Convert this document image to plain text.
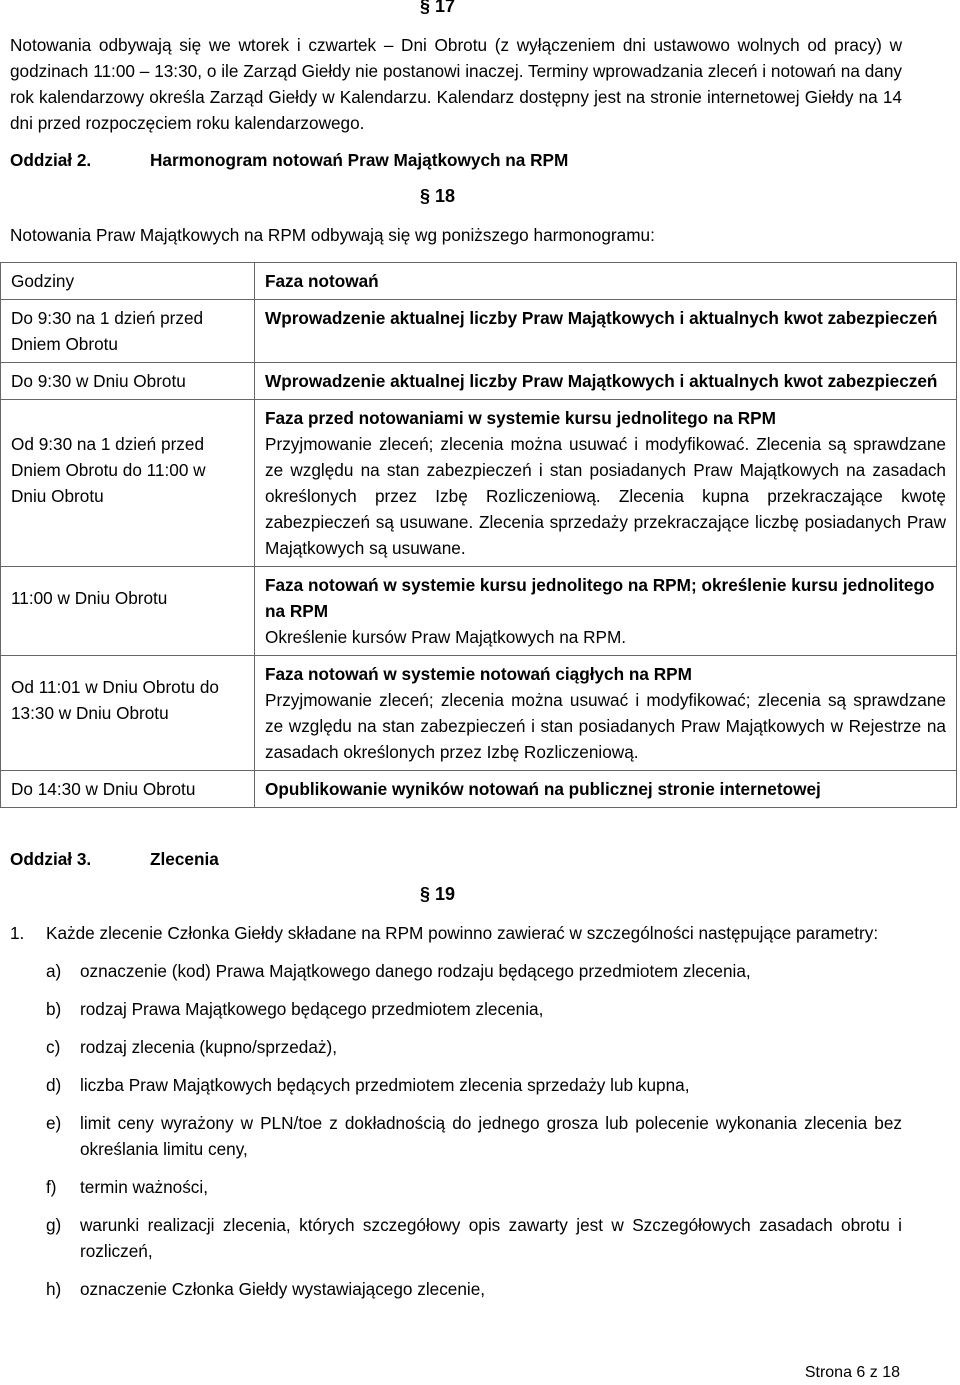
§ 17
Notowania odbywają się we wtorek i czwartek – Dni Obrotu (z wyłączeniem dni ustawowo wolnych od pracy) w godzinach 11:00 – 13:30, o ile Zarząd Giełdy nie postanowi inaczej. Terminy wprowadzania zleceń i notowań na dany rok kalendarzowy określa Zarząd Giełdy w Kalendarzu. Kalendarz dostępny jest na stronie internetowej Giełdy na 14 dni przed rozpoczęciem roku kalendarzowego.
Oddział 2.	Harmonogram notowań Praw Majątkowych na RPM
§ 18
Notowania Praw Majątkowych na RPM odbywają się wg poniższego harmonogramu:
Godziny	Faza notowań
Do 9:30 na 1 dzień przed Dniem Obrotu	Wprowadzenie aktualnej liczby Praw Majątkowych i aktualnych kwot zabezpieczeń

Do 9:30 w Dniu Obrotu	Wprowadzenie aktualnej liczby Praw Majątkowych i aktualnych kwot zabezpieczeń

Od 9:30 na 1 dzień przed Dniem Obrotu do 11:00 w Dniu Obrotu	Faza przed notowaniami w systemie kursu jednolitego na RPM
Przyjmowanie zleceń; zlecenia można usuwać i modyfikować. Zlecenia są sprawdzane ze względu na stan zabezpieczeń i stan posiadanych Praw Majątkowych na zasadach określonych przez Izbę Rozliczeniową. Zlecenia kupna przekraczające kwotę zabezpieczeń są usuwane. Zlecenia sprzedaży przekraczające liczbę posiadanych Praw Majątkowych są usuwane.

11:00 w Dniu Obrotu	Faza notowań w systemie kursu jednolitego na RPM; określenie kursu jednolitego na RPM
Określenie kursów Praw Majątkowych na RPM.

Od 11:01 w Dniu Obrotu do 13:30 w Dniu Obrotu	Faza notowań w systemie notowań ciągłych na RPM
Przyjmowanie zleceń; zlecenia można usuwać i modyfikować; zlecenia są sprawdzane ze względu na stan zabezpieczeń i stan posiadanych Praw Majątkowych w Rejestrze na zasadach określonych przez Izbę Rozliczeniową.

Do 14:30 w Dniu Obrotu	Opublikowanie wyników notowań na publicznej stronie internetowej
Oddział 3.	Zlecenia
§ 19
1. Każde zlecenie Członka Giełdy składane na RPM powinno zawierać w szczególności następujące parametry:
a) oznaczenie (kod) Prawa Majątkowego danego rodzaju będącego przedmiotem zlecenia,
b) rodzaj Prawa Majątkowego będącego przedmiotem zlecenia,
c) rodzaj zlecenia (kupno/sprzedaż),
d) liczba Praw Majątkowych będących przedmiotem zlecenia sprzedaży lub kupna,
e) limit ceny wyrażony w PLN/toe z dokładnością do jednego grosza lub polecenie wykonania zlecenia bez określania limitu ceny,
f) termin ważności,
g) warunki realizacji zlecenia, których szczegółowy opis zawarty jest w Szczegółowych zasadach obrotu i rozliczeń,
h) oznaczenie Członka Giełdy wystawiającego zlecenie,
Strona 6 z 18
